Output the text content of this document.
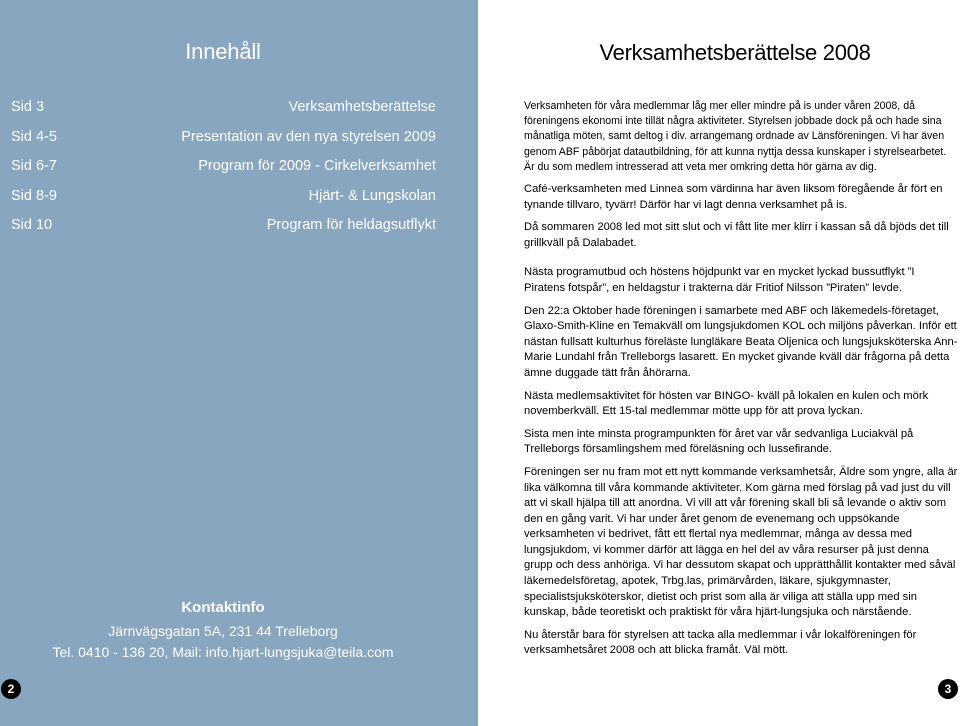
Innehåll
Sid 3	Verksamhetsberättelse
Sid 4-5	Presentation av den nya styrelsen 2009
Sid 6-7	Program för 2009 - Cirkelverksamhet
Sid 8-9	Hjärt- & Lungskolan
Sid 10	Program för heldagsutflykt
Kontaktinfo
Järnvägsgatan 5A, 231 44 Trelleborg
Tel. 0410 - 136 20, Mail: info.hjart-lungsjuka@teila.com
2
Verksamhetsberättelse 2008

Verksamheten för våra medlemmar låg mer eller mindre på is under våren 2008, då föreningens ekonomi inte tillät några aktiviteter. Styrelsen jobbade dock på och hade sina månatliga möten, samt deltog i div. arrangemang ordnade av Länsföreningen. Vi har även genom ABF påbörjat datautbildning, för att kunna nyttja dessa kunskaper i styrelsearbetet. Är du som medlem intresserad att veta mer omkring detta hör gärna av dig.

Café-verksamheten med Linnea som värdinna har även liksom föregående år fört en tynande tillvaro, tyvärr! Därför har vi lagt denna verksamhet på is.

Då sommaren 2008 led mot sitt slut och vi fått lite mer klirr i kassan så då bjöds det till grillkväll på Dalabadet.

Nästa programutbud och höstens höjdpunkt var en mycket lyckad bussutflykt ”I Piratens fotspår”, en heldagstur i trakterna där Fritiof Nilsson ”Piraten” levde.

Den 22:a Oktober hade föreningen i samarbete med ABF och läkemedels-företaget, Glaxo-Smith-Kline en Temakväll om lungsjukdomen KOL och miljöns påverkan. Inför ett nästan fullsatt kulturhus föreläste lungläkare Beata Oljenica och lungsjuksköterska Ann-Marie Lundahl från Trelleborgs lasarett. En mycket givande kväll där frågorna på detta ämne duggade tätt från åhörarna.

Nästa medlemsaktivitet för hösten var BINGO- kväll på lokalen en kulen och mörk novemberkväll. Ett 15-tal medlemmar mötte upp för att prova lyckan.

Sista men inte minsta programpunkten för året var vår sedvanliga Luciakväl på Trelleborgs församlingshem med föreläsning och lussefirande.

Föreningen ser nu fram mot ett nytt kommande verksamhetsår, Äldre som yngre, alla är lika välkomna till våra kommande aktiviteter. Kom gärna med förslag på vad just du vill att vi skall hjälpa till att anordna. Vi vill att vår förening skall bli så levande o aktiv som den en gång varit. Vi har under året genom de evenemang och uppsökande verksamheten vi bedrivet, fått ett flertal nya medlemmar, många av dessa med lungsjukdom, vi kommer därför att lägga en hel del av våra resurser på just denna grupp och dess anhöriga. Vi har dessutom skapat och upprätthållit kontakter med såväl läkemedelsföretag, apotek, Trbg.las, primärvården, läkare, sjukgymnaster, specialistsjuksköterskor, dietist och prist som alla är viliga att ställa upp med sin kunskap, både teoretiskt och praktiskt för våra hjärt-lungsjuka och närstående.

Nu återstår bara för styrelsen att tacka alla medlemmar i vår lokalföreningen för verksamhetsåret 2008 och att blicka framåt. Väl mött.

3
